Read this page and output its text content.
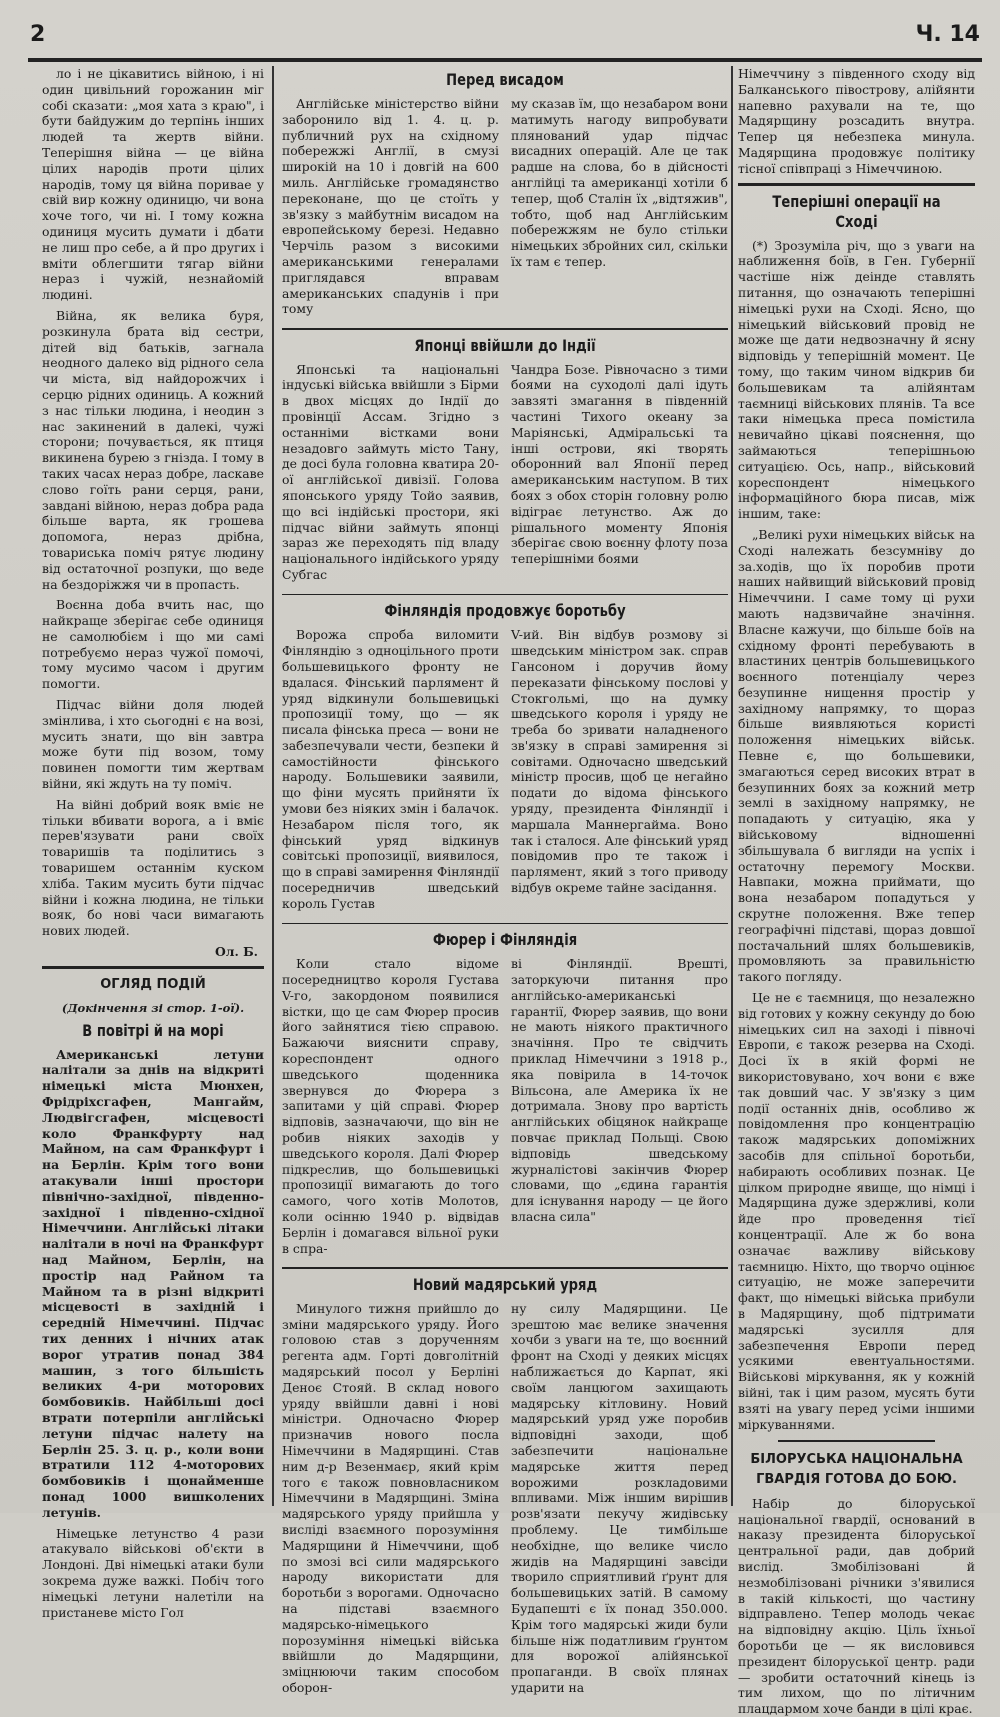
2	Ч. 14

ло і не цікавитись війною, і ні один цивільний горожанин міг собі сказати: „моя хата з краю", і бути байдужим до терпінь інших людей та жертв війни. Теперішня війна — це війна цілих народів проти цілих народів, тому ця війна поривае у свій вир кожну одиницю, чи вона хоче того, чи ні. І тому кожна одиниця мусить думати і дбати не лиш про себе, а й про других і вміти облегшити тягар війни нераз і чужій, незнайомій людині.

Війна, як велика буря, розкинула брата від сестри, дітей від батьків, загнала неодного далеко від рідного села чи міста, від найдорожчих і серцю рідних одиниць. А кожний з нас тільки людина, і неодин з нас закинений в далекі, чужі сторони; почувається, як птиця викинена бурею з гнізда. І тому в таких часах нераз добре, ласкаве слово гоїть рани серця, рани, завдані війною, нераз добра рада більше варта, як грошева допомога, нераз дрібна, товариська поміч рятує людину від остаточної розпуки, що веде на бездоріжжя чи в пропасть.

Воєнна доба вчить нас, що найкраще зберігає себе одиниця не самолюбієм і що ми самі потребуємо нераз чужої помочі, тому мусимо часом і другим помогти.

Підчас війни доля людей змінлива, і хто сьогодні є на возі, мусить знати, що він завтра може бути під возом, тому повинен помогти тим жертвам війни, які ждуть на ту поміч.

На війні добрий вояк вміє не тільки вбивати ворога, а і вміє перев'язувати рани своїх товаришів та поділитись з товаришем останнім куском хліба. Таким мусить бути підчас війни і кожна людина, не тільки вояк, бо нові часи вимагають нових людей.

Ол. Б.
ОГЛЯД ПОДІЙ
(Докінчення зі стор. 1-ої).
В повітрі й на морі

Американські летуни налітали за днів на відкриті німецькі міста Мюнхен, Фрідріхсгафен, Мангайм, Людвігсгафен, місцевості коло Франкфурту над Майном, на сам Франкфурт і на Берлін. Крім того вони атакували інші простори північно-західної, південно-західної і південно-східної Німеччини. Англійські літаки налітали в ночі на Франкфурт над Майном, Берлін, на простір над Райном та Майном та в різні відкриті місцевості в західній і середній Німеччині. Підчас тих денних і нічних атак ворог утратив понад 384 машин, з того більшість великих 4-ри моторових бомбовиків. Найбільші досі втрати потерпіли англійські летуни підчас налету на Берлін 25. 3. ц. р., коли вони втратили 112 4-моторових бомбовиків і щонайменше понад 1000 вишколених летунів.

Німецьке летунство 4 рази атакувало військові об'єкти в Лондоні. Дві німецькі атаки були зокрема дуже важкі. Побіч того німецькі летуни налетіли на пристаневе місто Гол

Перед висадом

Англійське міністерство війни заборонило від 1. 4. ц. р. публичний рух на східному побережжі Англії, в смузі широкій на 10 і довгій на 600 миль. Англійське громадянство переконане, що це стоїть у зв'язку з майбутнім висадом на европейському березі. Недавно Черчіль разом з високими американськими генералами приглядався вправам американських спадунів і при тому

му сказав їм, що незабаром вони матимуть нагоду випробувати плянований удар підчас висадних операцій. Але це так радше на слова, бо в дійсності англійці та американці хотіли б тепер, щоб Сталін їх „відтяжив", тобто, щоб над Англійським побережжям не було стільки німецьких збройних сил, скільки їх там є тепер.

Японці ввійшли до Індії

Японські та національні індуські війська ввійшли з Бірми в двох місцях до Індії до провінції Ассам. Згідно з останніми вістками вони незадовго займуть місто Тану, де досі була головна кватира 20-ої англійської дивізії. Голова японського уряду Тойо заявив, що всі індійські простори, які підчас війни займуть японці зараз же переходять під владу національного індійського уряду Субгас

Чандра Бозе. Рівночасно з тими боями на суходолі далі ідуть завзяті змагання в південній частині Тихого океану за Маріянські, Адміральські та інші острови, які творять оборонний вал Японії перед американським наступом. В тих боях з обох сторін головну ролю відіграє летунство. Аж до рішального моменту Японія зберігає свою воєнну флоту поза теперішніми боями

Фінляндія продовжує боротьбу

Ворожа спроба виломити Фінляндію з одноцільного проти большевицького фронту не вдалася. Фінський парлямент й уряд відкинули большевицькі пропозиції тому, що — як писала фінська преса — вони не забезпечували чести, безпеки й самостійности фінського народу. Большевики заявили, що фіни мусять прийняти їх умови без ніяких змін і балачок. Незабаром після того, як фінський уряд відкинув совітські пропозиції, виявилося, що в справі замирення Фінляндії посередничив шведський король Густав

V-ий. Він відбув розмову зі шведським міністром зак. справ Гансоном і доручив йому переказати фінському послові у Стокгольмі, що на думку шведського короля і уряду не треба бо зривати наладненого зв'язку в справі замирення зі совітами. Одночасно шведський міністр просив, щоб це негайно подати до відома фінського уряду, президента Фінляндії і маршала Маннергайма. Воно так і сталося. Але фінський уряд повідомив про те також і парлямент, який з того приводу відбув окреме тайне засідання.

Фюрер і Фінляндія

Коли стало відоме посередництво короля Густава V-го, закордоном появилися вістки, що це сам Фюрер просив його зайнятися тією справою. Бажаючи вияснити справу, кореспондент одного шведського щоденника звернувся до Фюрера з запитами у цій справі. Фюрер відповів, зазначаючи, що він не робив ніяких заходів у шведського короля. Далі Фюрер підкреслив, що большевицькі пропозиції вимагають до того самого, чого хотів Молотов, коли осінню 1940 р. відвідав Берлін і домагався вільної руки в спра-

ві Фінляндії. Врешті, заторкуючи питання про англійсько-американські гарантії, Фюрер заявив, що вони не мають ніякого практичного значіння. Про те свідчить приклад Німеччини з 1918 р., яка повірила в 14-точок Вільсона, але Америка їх не дотримала. Знову про вартість англійських обіцянок найкраще повчає приклад Польщі. Свою відповідь шведському журналістові закінчив Фюрер словами, що „єдина гарантія для існування народу — це його власна сила"

Новий мадярський уряд

Минулого тижня прийшло до зміни мадярського уряду. Його головою став з дорученням регента адм. Горті довголітній мадярський посол у Берліні Деноє Стояй. В склад нового уряду ввійшли давні і нові міністри. Одночасно Фюрер призначив нового посла Німеччини в Мадярщині. Став ним д-р Везенмаєр, який крім того є також повновласником Німеччини в Мадярщині. Зміна мадярського уряду прийшла у висліді взаємного порозуміння Мадярщини й Німеччини, щоб по змозі всі сили мадярського народу використати для боротьби з ворогами. Одночасно на підставі взаємного мадярсько-німецького порозуміння німецькі війська ввійшли до Мадярщини, зміцнюючи таким способом оборон-

ну силу Мадярщини. Це зрештою має велике значення хочби з уваги на те, що воєнний фронт на Сході у деяких місцях наближається до Карпат, які своїм ланцюгом захищають мадярську кітловину. Новий мадярський уряд уже поробив відповідні заходи, щоб забезпечити національне мадярське життя перед ворожими розкладовими впливами. Між іншим вирішив розв'язати пекучу жидівську проблему. Це тимбільше необхідне, що велике число жидів на Мадярщині завсіди творило сприятливий ґрунт для большевицьких затій. В самому Будапешті є їх понад 350.000. Крім того мадярські жиди були більше ніж податливим ґрунтом для ворожої алійянської пропаганди. В своїх плянах ударити на

Німеччину з південного сходу від Балканського півострову, алійянти напевно рахували на те, що Мадярщину розсадить внутра. Тепер ця небезпека минула. Мадярщина продовжує політику тісної співпраці з Німеччиною.

Теперішні операції на Сході

(*) Зрозуміла річ, що з уваги на наближення боїв, в Ген. Губернії частіше ніж деінде ставлять питання, що означають теперішні німецькі рухи на Сході. Ясно, що німецький військовий провід не може ще дати недвозначну й ясну відповідь у теперішній момент. Це тому, що таким чином відкрив би большевикам та алійянтам таємниці військових плянів. Та все таки німецька преса помістила невичайно цікаві пояснення, що займаються теперішньою ситуацією. Ось, напр., військовий кореспондент німецького інформаційного бюра писав, між іншим, таке:

„Великі рухи німецьких військ на Сході належать безсумніву до за.ходів, що їх поробив проти наших найвищий військовий провід Німеччини. І саме тому ці рухи мають надзвичайне значіння. Власне кажучи, що більше боїв на східному фронті перебувають в властиних центрів большевицького воєнного потенціалу через безупинне нищення простір у західному напрямку, то щораз більше виявляються користі положення німецьких військ. Певне є, що большевики, змагаються серед високих втрат в безупинних боях за кожний метр землі в західному напрямку, не попадають у ситуацію, яка у військовому відношенні збільшувала б вигляди на успіх і остаточну перемогу Москви. Навпаки, можна приймати, що вона незабаром попадуться у скрутне положення. Вже тепер географічні підставі, щораз довшої постачальний шлях большевиків, промовляють за правильністю такого погляду.

Це не є таємниця, що незалежно від готових у кожну секунду до бою німецьких сил на заході і півночі Европи, є також резерва на Сході. Досі їх в якій формі не використовувано, хоч вони є вже так довший час. У зв'язку з цим події останніх днів, особливо ж повідомлення про концентрацію також мадярських допоміжних засобів для спільної боротьби, набирають особливих познак. Це цілком природне явище, що німці і Мадярщина дуже здержливі, коли йде про проведення тієї концентрації. Але ж бо вона означає важливу військову таємницю. Ніхто, що творчо оцінює ситуацію, не може заперечити факт, що німецькі війська прибули в Мадярщину, щоб підтримати мадярські зусилля для забезпечення Европи перед усякими евентуальностями. Військові міркування, як у кожній війні, так і цим разом, мусять бути взяті на увагу перед усіми іншими міркуваннями.

БІЛОРУСЬКА НАЦІОНАЛЬНА ГВАРДІЯ ГОТОВА ДО БОЮ.

Набір до білоруської національної гвардії, оснований в наказу президента білоруської центральної ради, дав добрий вислід. Змобілізовані й незмобілізовані річники з'явилися в такій кількості, що частину відправлено. Тепер молодь чекає на відповідну акцію. Ціль їхньої боротьби це — як висловився президент білоруської центр. ради — зробити остаточний кінець із тим лихом, що по літичним плацдармом хоче банди в цілі крає.
